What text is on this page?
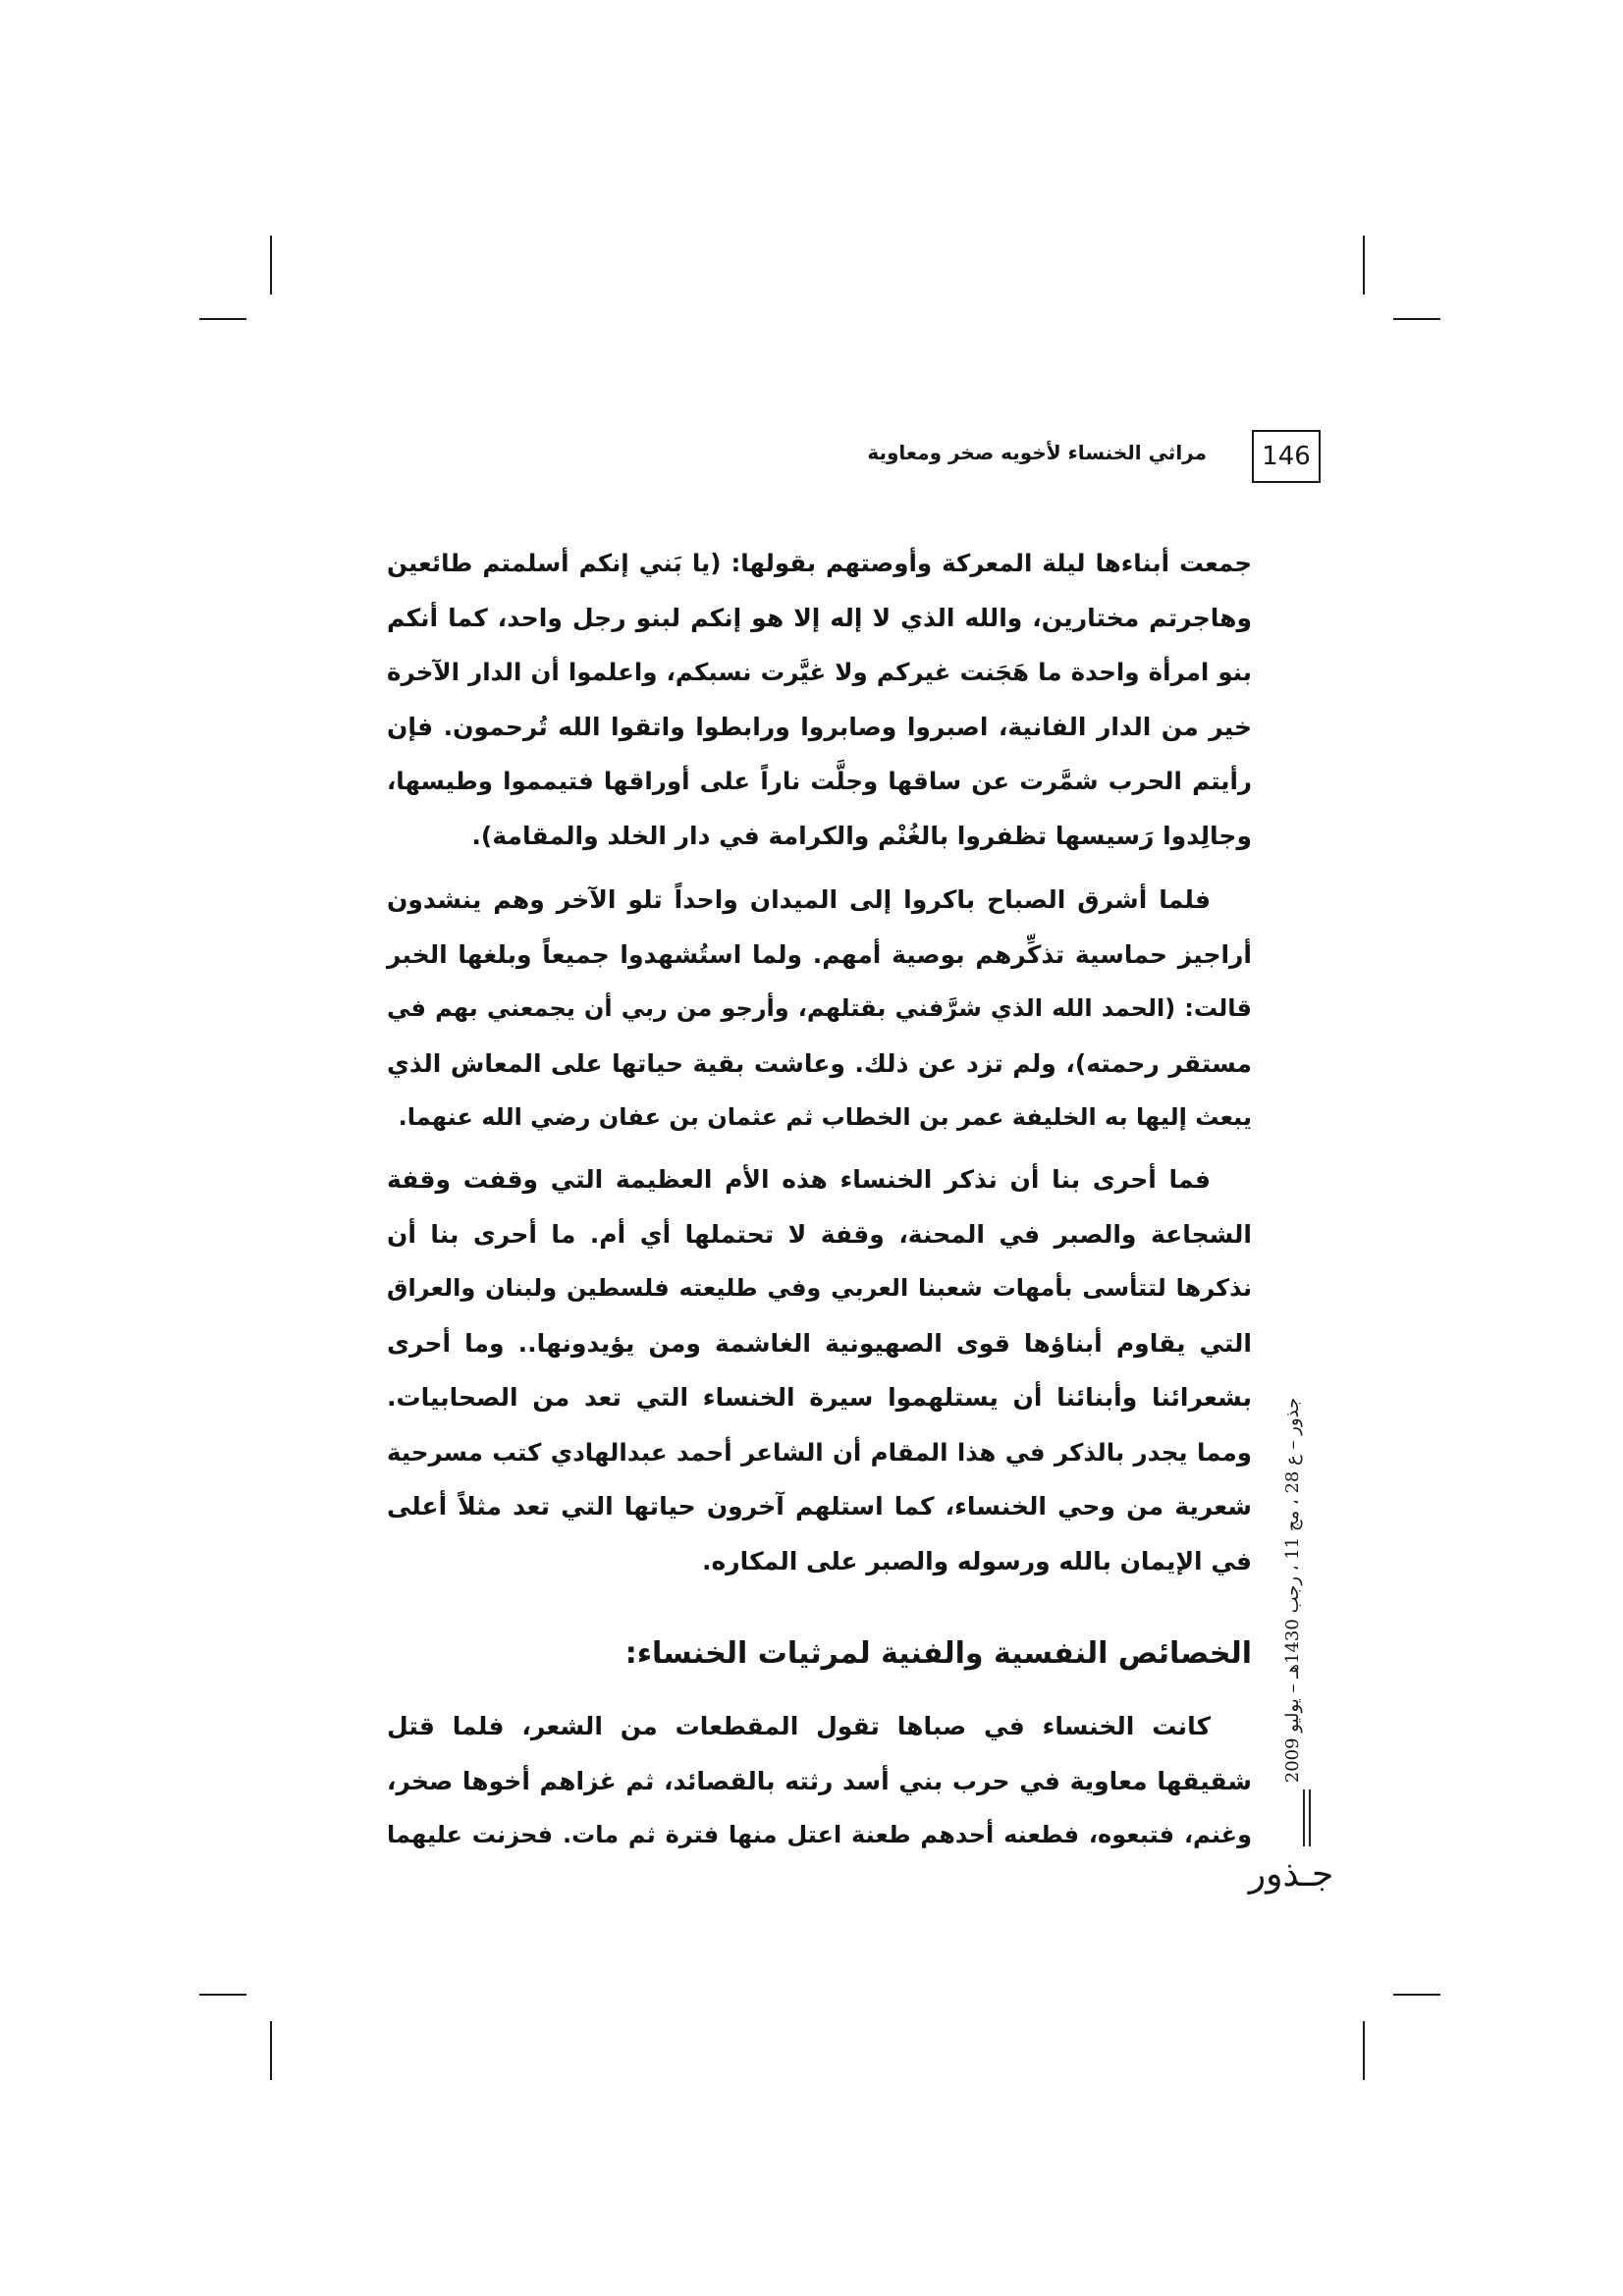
146
مراثي الخنساء لأخويه صخر ومعاوية
جمعت أبناءها ليلة المعركة وأوصتهم بقولها: (يا بَني إنكم أسلمتم طائعين
وهاجرتم مختارين، والله الذي لا إله إلا هو إنكم لبنو رجل واحد، كما أنكم
بنو امرأة واحدة ما هَجَنت غيركم ولا غيَّرت نسبكم، واعلموا أن الدار الآخرة
خير من الدار الفانية، اصبروا وصابروا ورابطوا واتقوا الله تُرحمون. فإن
رأيتم الحرب شمَّرت عن ساقها وجلَّت ناراً على أوراقها فتيمموا وطيسها،
وجالِدوا رَسيسها تظفروا بالغُنْم والكرامة في دار الخلد والمقامة).
فلما أشرق الصباح باكروا إلى الميدان واحداً تلو الآخر وهم ينشدون
أراجيز حماسية تذكِّرهم بوصية أمهم. ولما استُشهدوا جميعاً وبلغها الخبر
قالت: (الحمد الله الذي شرَّفني بقتلهم، وأرجو من ربي أن يجمعني بهم في
مستقر رحمته)، ولم تزد عن ذلك. وعاشت بقية حياتها على المعاش الذي
يبعث إليها به الخليفة عمر بن الخطاب ثم عثمان بن عفان رضي الله عنهما.
فما أحرى بنا أن نذكر الخنساء هذه الأم العظيمة التي وقفت وقفة
الشجاعة والصبر في المحنة، وقفة لا تحتملها أي أم. ما أحرى بنا أن
نذكرها لتتأسى بأمهات شعبنا العربي وفي طليعته فلسطين ولبنان والعراق
التي يقاوم أبناؤها قوى الصهيونية الغاشمة ومن يؤيدونها.. وما أحرى
بشعرائنا وأبنائنا أن يستلهموا سيرة الخنساء التي تعد من الصحابيات.
ومما يجدر بالذكر في هذا المقام أن الشاعر أحمد عبدالهادي كتب مسرحية
شعرية من وحي الخنساء، كما استلهم آخرون حياتها التي تعد مثلاً أعلى
في الإيمان بالله ورسوله والصبر على المكاره.
الخصائص النفسية والفنية لمرثيات الخنساء:
كانت الخنساء في صباها تقول المقطعات من الشعر، فلما قتل
شقيقها معاوية في حرب بني أسد رثته بالقصائد، ثم غزاهم أخوها صخر،
وغنم، فتبعوه، فطعنه أحدهم طعنة اعتل منها فترة ثم مات. فحزنت عليهما
جذور – ع 28 ، مج 11 ، رجب 1430هـ – يوليو 2009
جـذور
